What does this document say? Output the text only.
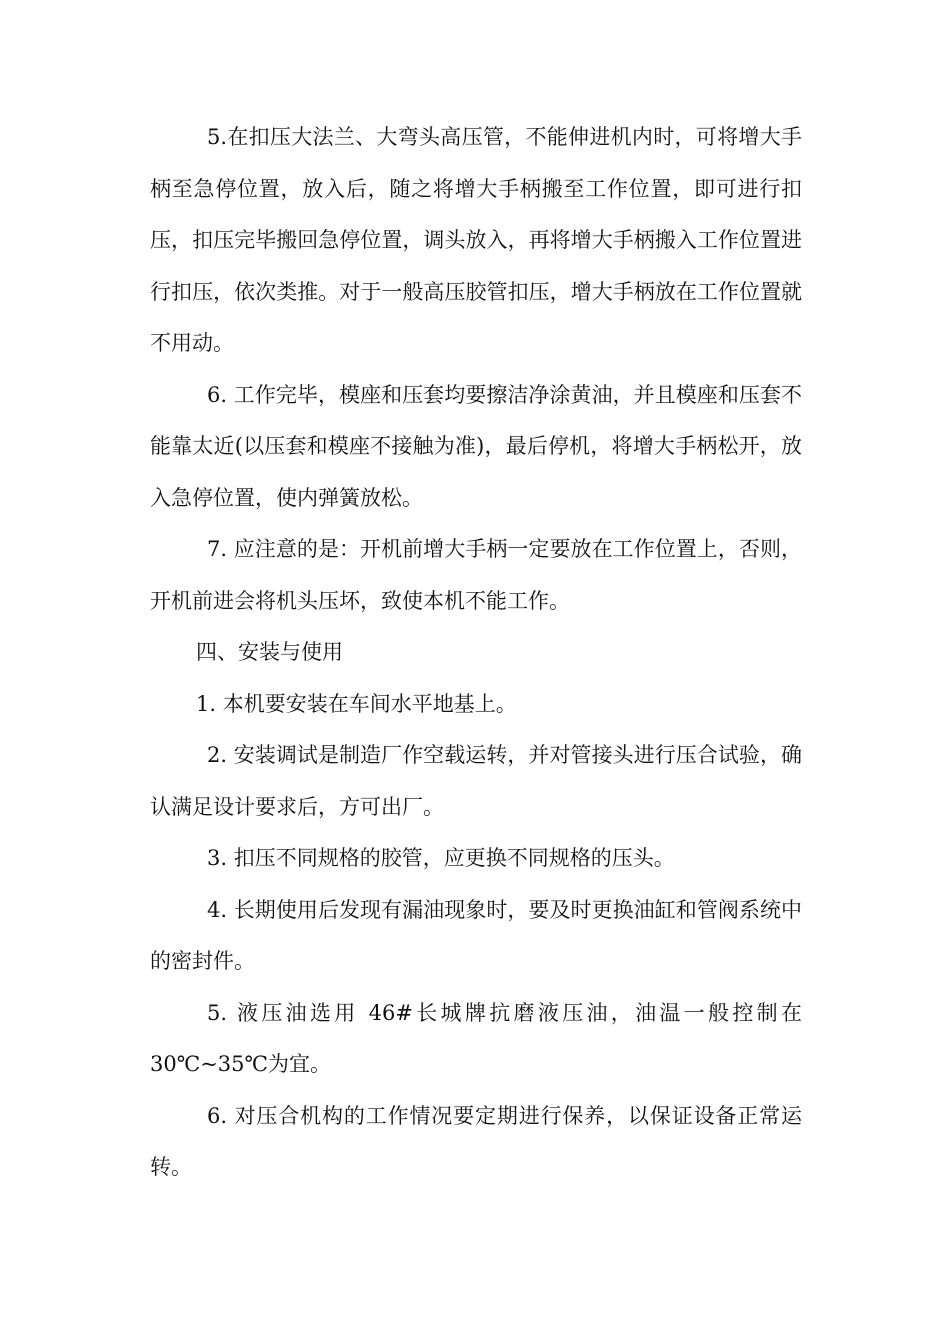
5.在扣压大法兰、大弯头高压管，不能伸进机内时，可将增大手柄至急停位置，放入后，随之将增大手柄搬至工作位置，即可进行扣压，扣压完毕搬回急停位置，调头放入，再将增大手柄搬入工作位置进行扣压，依次类推。对于一般高压胶管扣压，增大手柄放在工作位置就不用动。

6. 工作完毕，模座和压套均要擦洁净涂黄油，并且模座和压套不能靠太近(以压套和模座不接触为准)，最后停机，将增大手柄松开，放入急停位置，使内弹簧放松。

7. 应注意的是：开机前增大手柄一定要放在工作位置上，否则，开机前进会将机头压坏，致使本机不能工作。

四、安装与使用

1. 本机要安装在车间水平地基上。

2. 安装调试是制造厂作空载运转，并对管接头进行压合试验，确认满足设计要求后，方可出厂。

3. 扣压不同规格的胶管，应更换不同规格的压头。

4. 长期使用后发现有漏油现象时，要及时更换油缸和管阀系统中的密封件。

5. 液压油选用 46#长城牌抗磨液压油，油温一般控制在 30℃~35℃为宜。

6. 对压合机构的工作情况要定期进行保养，以保证设备正常运转。
